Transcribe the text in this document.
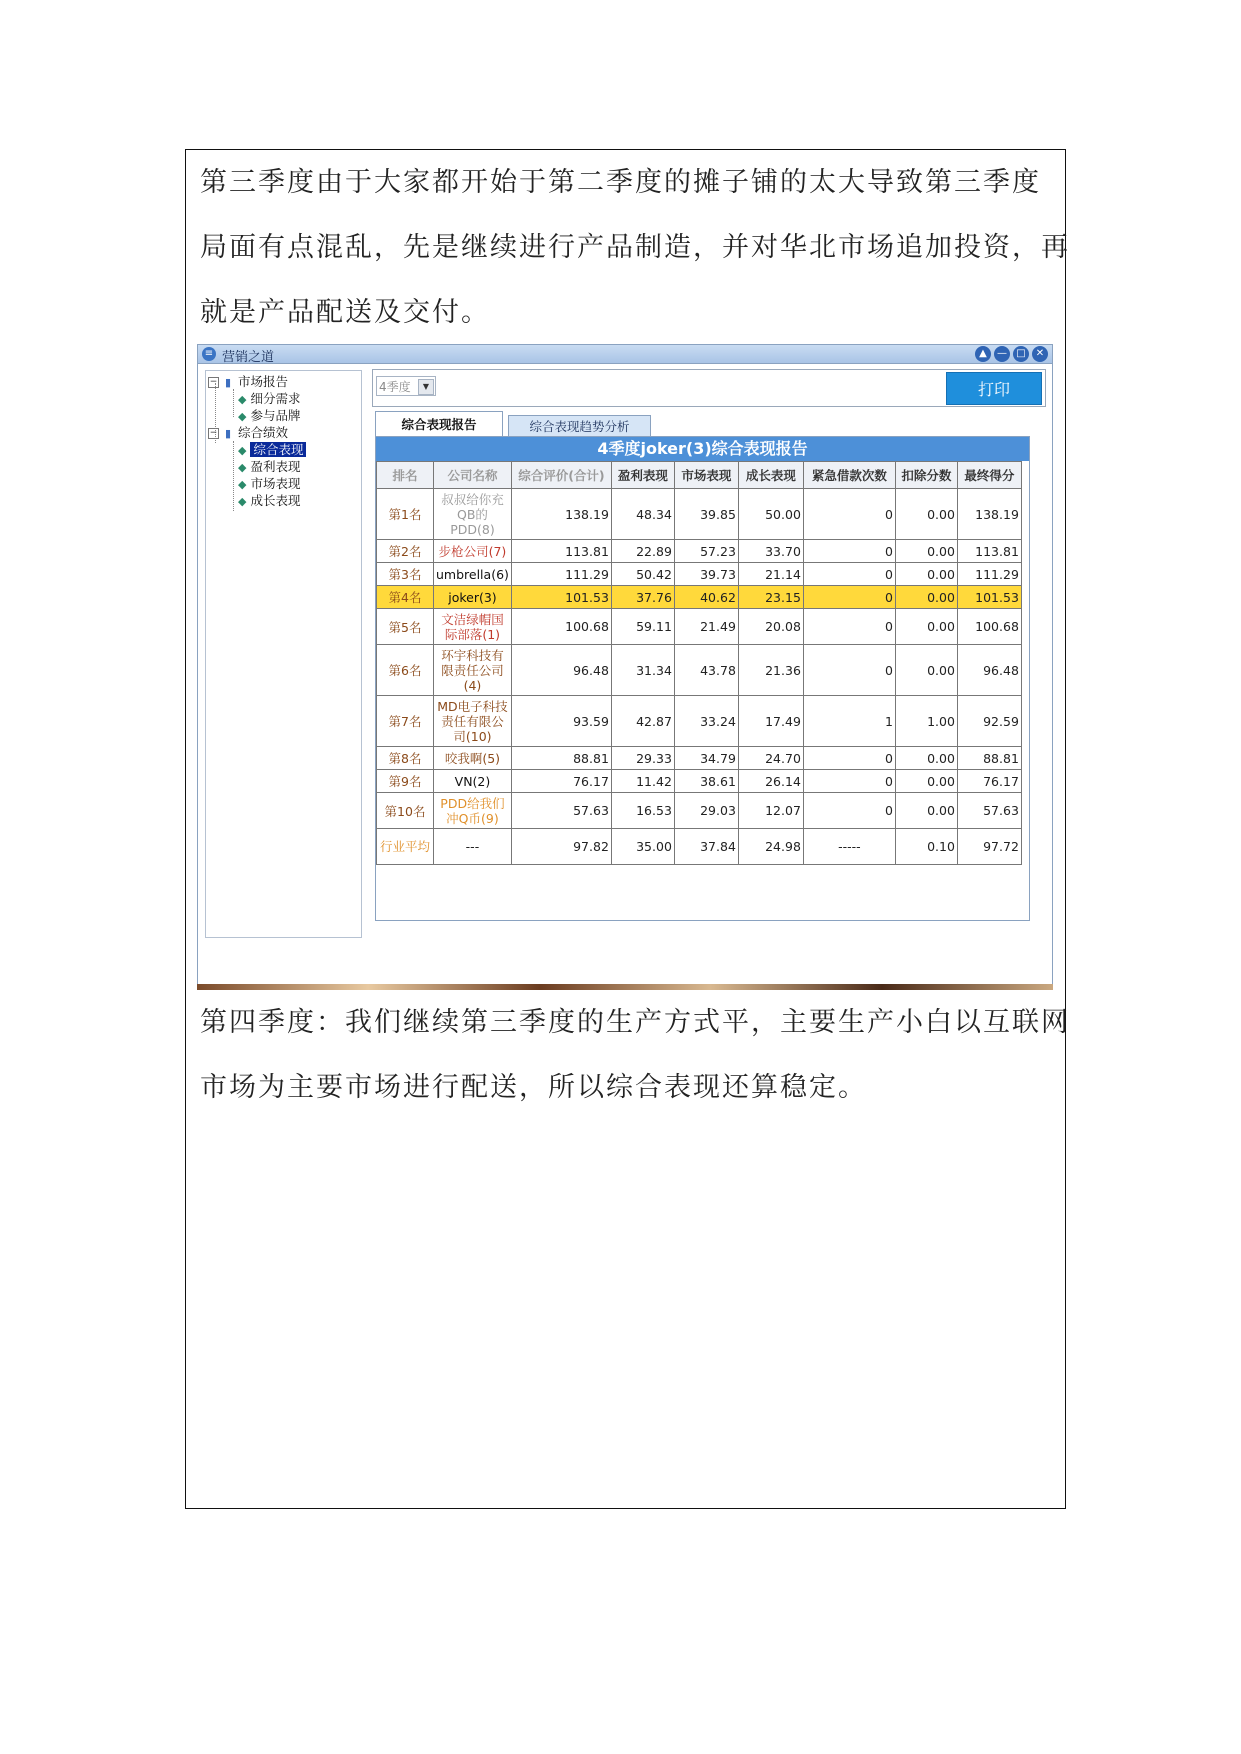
第三季度由于大家都开始于第二季度的摊子铺的太大导致第三季度
局面有点混乱，先是继续进行产品制造，并对华北市场追加投资，再
就是产品配送及交付。

≡ 营销之道	▲	— □	✕
− ▮ 市场报告
◆ 细分需求
◆ 参与品牌
− ▮ 综合绩效
◆ 综合表现
◆ 盈利表现
◆ 市场表现
◆ 成长表现
4季度	▼	打印
综合表现报告	综合表现趋势分析
4季度joker(3)综合表现报告
排名	公司名称	综合评价(合计)	盈利表现	市场表现	成长表现	紧急借款次数	扣除分数	最终得分
第1名	叔叔给你充QB的PDD(8)	138.19	48.34	39.85	50.00	0	0.00	138.19
第2名	步枪公司(7)	113.81	22.89	57.23	33.70	0	0.00	113.81
第3名	umbrella(6)	111.29	50.42	39.73	21.14	0	0.00	111.29
第4名	joker(3)	101.53	37.76	40.62	23.15	0	0.00	101.53
第5名	文洁绿帽国际部落(1)	100.68	59.11	21.49	20.08	0	0.00	100.68
第6名	环宇科技有限责任公司(4)	96.48	31.34	43.78	21.36	0	0.00	96.48
第7名	MD电子科技责任有限公司(10)	93.59	42.87	33.24	17.49	1	1.00	92.59
第8名	咬我啊(5)	88.81	29.33	34.79	24.70	0	0.00	88.81
第9名	VN(2)	76.17	11.42	38.61	26.14	0	0.00	76.17
第10名	PDD给我们冲Q币(9)	57.63	16.53	29.03	12.07	0	0.00	57.63
行业平均	---	97.82	35.00	37.84	24.98	-----	0.10	97.72

第四季度：我们继续第三季度的生产方式平，主要生产小白以互联网
市场为主要市场进行配送，所以综合表现还算稳定。
